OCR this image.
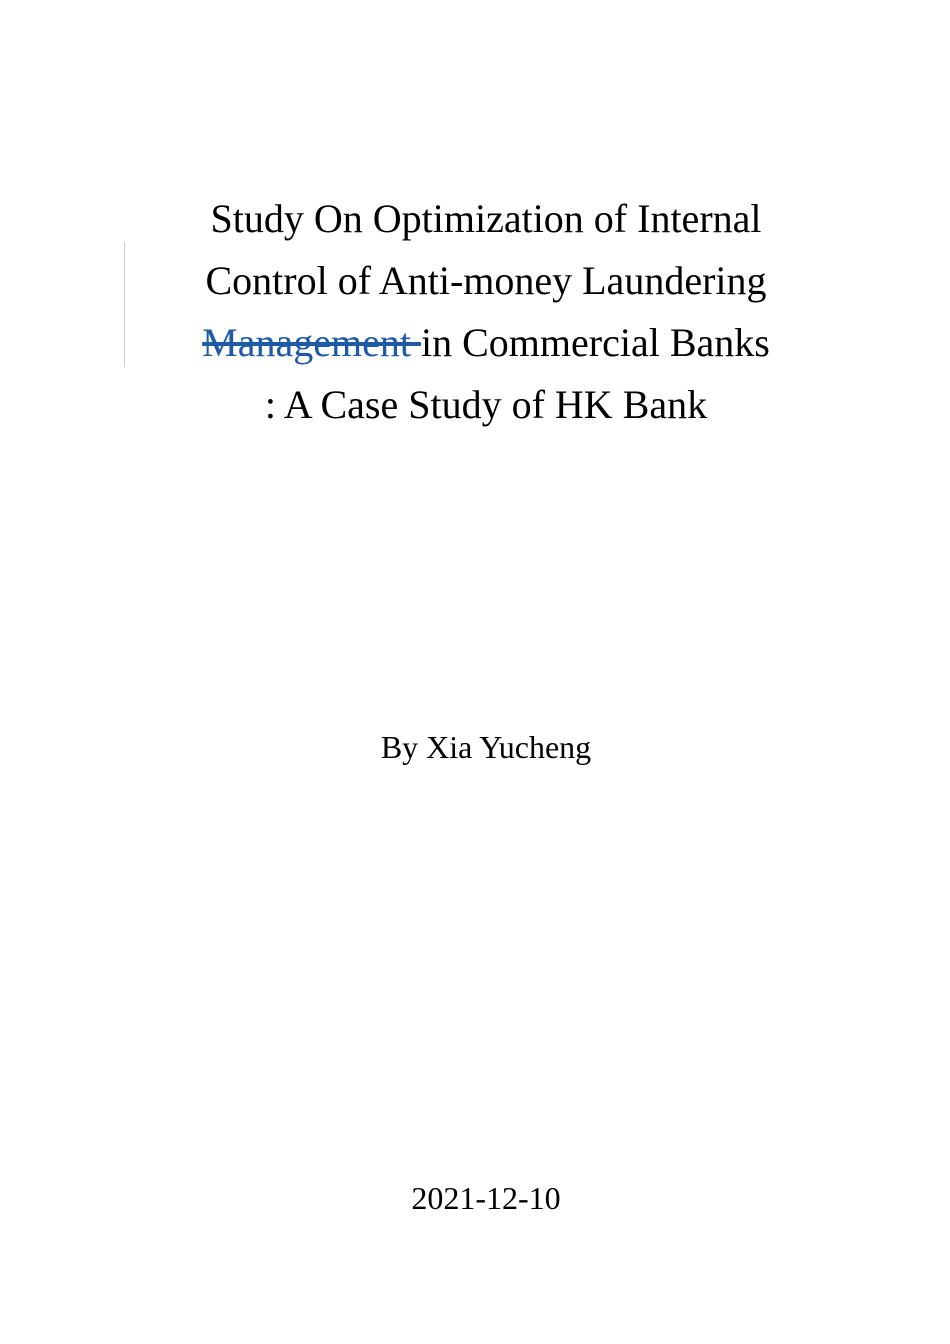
Study On Optimization of Internal
Control of Anti-money Laundering
Management in Commercial Banks
: A Case Study of HK Bank
By Xia Yucheng
2021-12-10
